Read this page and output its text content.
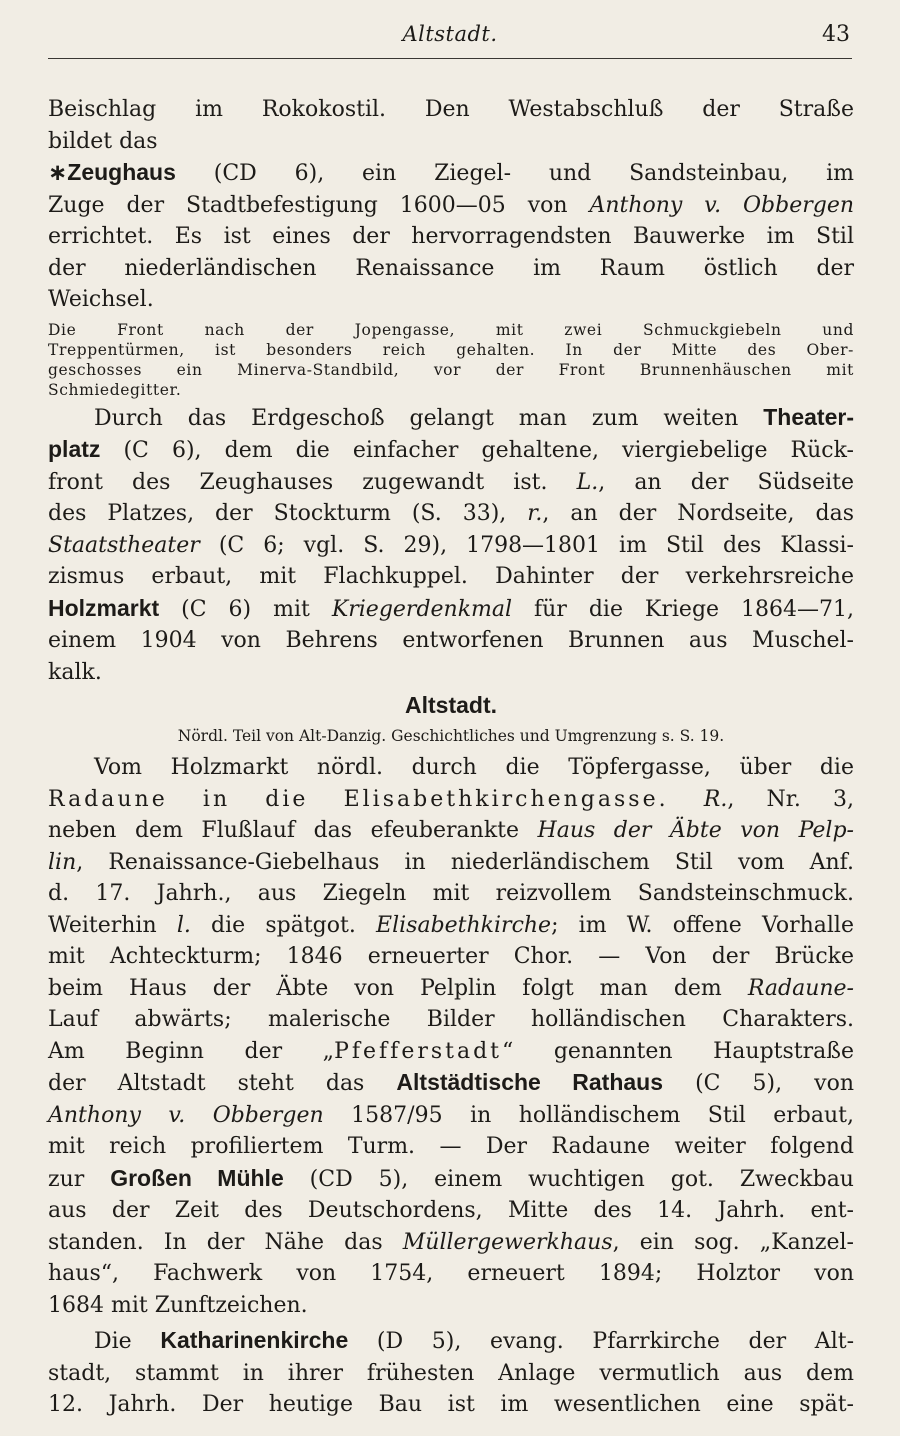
Altstadt.	43
Beischlag im Rokokostil. Den Westabschluß der Straße
bildet das
∗Zeughaus (CD 6), ein Ziegel- und Sandsteinbau, im
Zuge der Stadtbefestigung 1600—05 von Anthony v. Obbergen
errichtet. Es ist eines der hervorragendsten Bauwerke im Stil
der niederländischen Renaissance im Raum östlich der
Weichsel.
Die Front nach der Jopengasse, mit zwei Schmuckgiebeln und
Treppentürmen, ist besonders reich gehalten. In der Mitte des Ober-
geschosses ein Minerva-Standbild, vor der Front Brunnenhäuschen mit
Schmiedegitter.
Durch das Erdgeschoß gelangt man zum weiten Theater-
platz (C 6), dem die einfacher gehaltene, viergiebelige Rück-
front des Zeughauses zugewandt ist. L., an der Südseite
des Platzes, der Stockturm (S. 33), r., an der Nordseite, das
Staatstheater (C 6; vgl. S. 29), 1798—1801 im Stil des Klassi-
zismus erbaut, mit Flachkuppel. Dahinter der verkehrsreiche
Holzmarkt (C 6) mit Kriegerdenkmal für die Kriege 1864—71,
einem 1904 von Behrens entworfenen Brunnen aus Muschel-
kalk.
Altstadt.
Nördl. Teil von Alt-Danzig. Geschichtliches und Umgrenzung s. S. 19.
Vom Holzmarkt nördl. durch die Töpfergasse, über die
Radaune in die Elisabethkirchengasse. R., Nr. 3,
neben dem Flußlauf das efeuberankte Haus der Äbte von Pelp-
lin, Renaissance-Giebelhaus in niederländischem Stil vom Anf.
d. 17. Jahrh., aus Ziegeln mit reizvollem Sandsteinschmuck.
Weiterhin l. die spätgot. Elisabethkirche; im W. offene Vorhalle
mit Achteckturm; 1846 erneuerter Chor. — Von der Brücke
beim Haus der Äbte von Pelplin folgt man dem Radaune-
Lauf abwärts; malerische Bilder holländischen Charakters.
Am Beginn der „Pfefferstadt“ genannten Hauptstraße
der Altstadt steht das Altstädtische Rathaus (C 5), von
Anthony v. Obbergen 1587/95 in holländischem Stil erbaut,
mit reich profiliertem Turm. — Der Radaune weiter folgend
zur Großen Mühle (CD 5), einem wuchtigen got. Zweckbau
aus der Zeit des Deutschordens, Mitte des 14. Jahrh. ent-
standen. In der Nähe das Müllergewerkhaus, ein sog. „Kanzel-
haus“, Fachwerk von 1754, erneuert 1894; Holztor von
1684 mit Zunftzeichen.
Die Katharinenkirche (D 5), evang. Pfarrkirche der Alt-
stadt, stammt in ihrer frühesten Anlage vermutlich aus dem
12. Jahrh. Der heutige Bau ist im wesentlichen eine spät-
